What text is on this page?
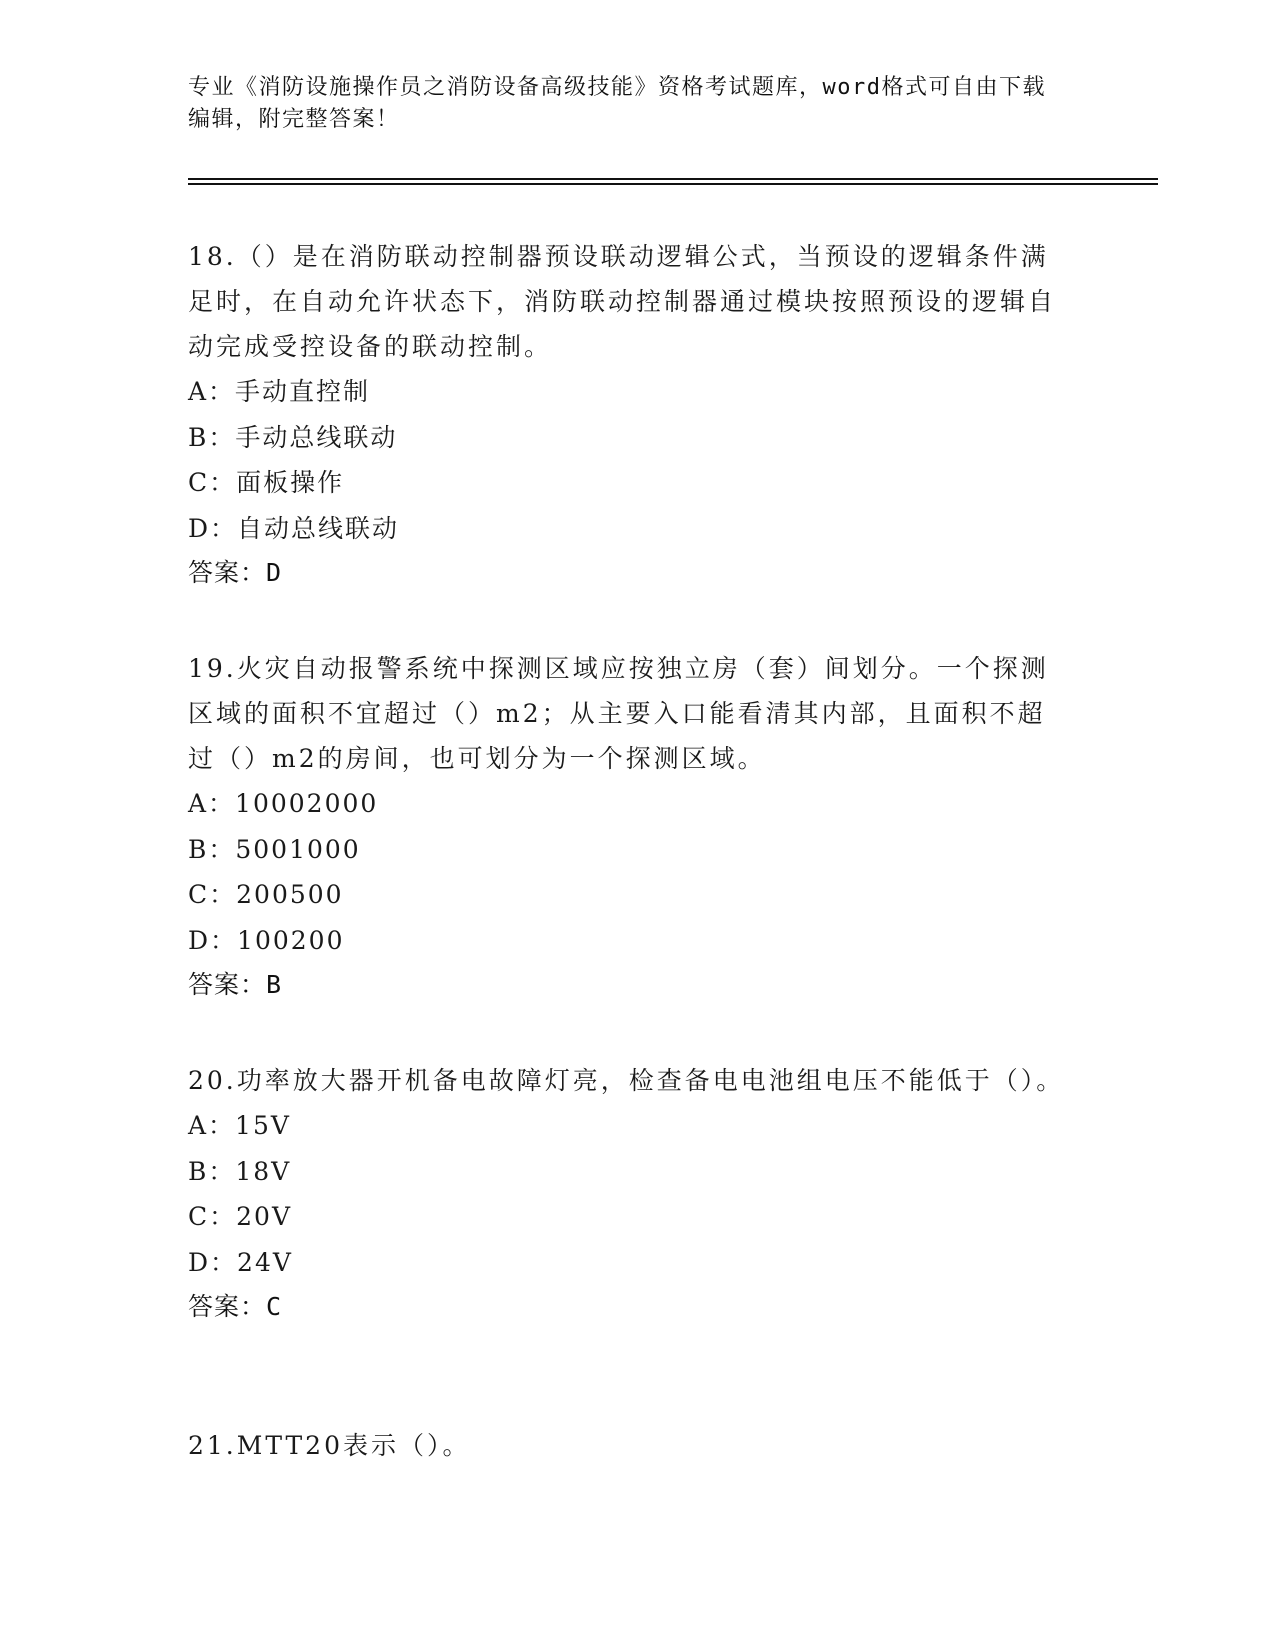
专业《消防设施操作员之消防设备高级技能》资格考试题库，word格式可自由下载编辑，附完整答案！

18.（）是在消防联动控制器预设联动逻辑公式，当预设的逻辑条件满足时，在自动允许状态下，消防联动控制器通过模块按照预设的逻辑自动完成受控设备的联动控制。

A：手动直控制
B：手动总线联动
C：面板操作
D：自动总线联动
答案：D

19.火灾自动报警系统中探测区域应按独立房（套）间划分。一个探测区域的面积不宜超过（）m2；从主要入口能看清其内部，且面积不超过（）m2的房间，也可划分为一个探测区域。

A：10002000
B：5001000
C：200500
D：100200
答案：B

20.功率放大器开机备电故障灯亮，检查备电电池组电压不能低于（）。

A：15V
B：18V
C：20V
D：24V
答案：C

21.MTT20表示（）。
